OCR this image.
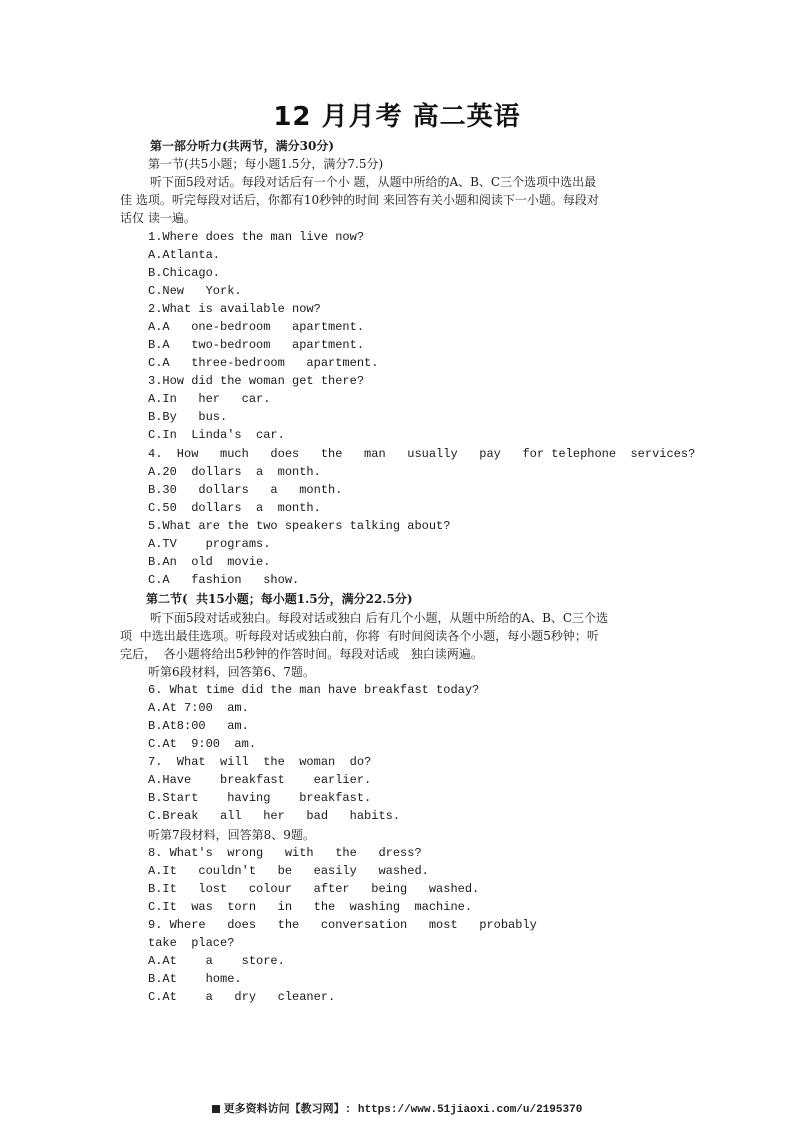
12 月月考 高二英语
第一部分听力(共两节，满分30分)
第一节(共5小题；每小题1.5分，满分7.5分)
听下面5段对话。每段对话后有一个小 题，从题中所给的A、B、C三个选项中选出最
佳 选项。听完每段对话后，你都有10秒钟的时间 来回答有关小题和阅读下一小题。每段对
话仅 读一遍。
1.Where does the man live now?
A.Atlanta.
B.Chicago.
C.New   York.
2.What is available now?
A.A   one-bedroom   apartment.
B.A   two-bedroom   apartment.
C.A   three-bedroom   apartment.
3.How did the woman get there?
A.In   her   car.
B.By   bus.
C.In  Linda's  car.
4.  How   much   does   the   man   usually   pay   for telephone  services?
A.20  dollars  a  month.
B.30   dollars   a   month.
C.50  dollars  a  month.
5.What are the two speakers talking about?
A.TV    programs.
B.An  old  movie.
C.A   fashion   show.
第二节(  共15小题；每小题1.5分，满分22.5分)
听下面5段对话或独白。每段对话或独白 后有几个小题，从题中所给的A、B、C三个选
项  中选出最佳选项。听每段对话或独白前，你将  有时间阅读各个小题，每小题5秒钟；听
完后，  各小题将给出5秒钟的作答时间。每段对话或   独白读两遍。
听第6段材料，回答第6、7题。
6. What time did the man have breakfast today?
A.At 7:00  am.
B.At8:00   am.
C.At  9:00  am.
7.  What  will  the  woman  do?
A.Have    breakfast    earlier.
B.Start    having    breakfast.
C.Break   all   her   bad   habits.
听第7段材料，回答第8、9题。
8. What's  wrong   with   the   dress?
A.It   couldn't   be   easily   washed.
B.It   lost   colour   after   being   washed.
C.It  was  torn   in   the  washing  machine.
9. Where   does   the   conversation   most   probably
take  place?
A.At    a    store.
B.At    home.
C.At    a   dry   cleaner.
更多资料访问【教习网】: https://www.51jiaoxi.com/u/2195370
